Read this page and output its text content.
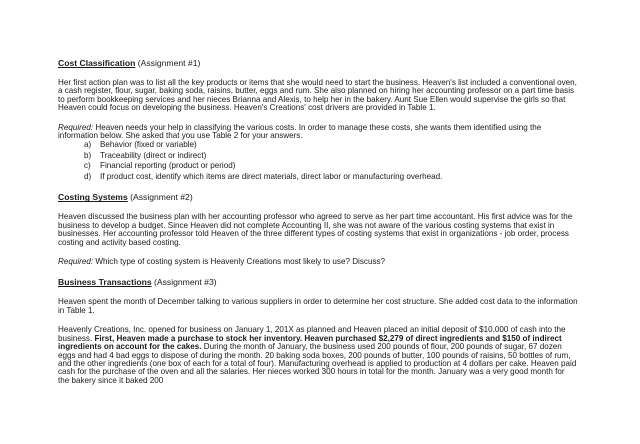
Cost Classification (Assignment #1)

Her first action plan was to list all the key products or items that she would need to start the business. Heaven's list included a conventional oven, a cash register, flour, sugar, baking soda, raisins, butter, eggs and rum. She also planned on hiring her accounting professor on a part time basis to perform bookkeeping services and her nieces Brianna and Alexis, to help her in the bakery. Aunt Sue Ellen would supervise the girls so that Heaven could focus on developing the business. Heaven's Creations' cost drivers are provided in Table 1.

Required: Heaven needs your help in classifying the various costs. In order to manage these costs, she wants them identified using the information below. She asked that you use Table 2 for your answers.

a) Behavior (fixed or variable)
b) Traceability (direct or indirect)
c) Financial reporting (product or period)
d) If product cost, identify which items are direct materials, direct labor or manufacturing overhead.

Costing Systems (Assignment #2)

Heaven discussed the business plan with her accounting professor who agreed to serve as her part time accountant. His first advice was for the business to develop a budget. Since Heaven did not complete Accounting II, she was not aware of the various costing systems that exist in businesses. Her accounting professor told Heaven of the three different types of costing systems that exist in organizations - job order, process costing and activity based costing.

Required: Which type of costing system is Heavenly Creations most likely to use? Discuss?

Business Transactions (Assignment #3)

Heaven spent the month of December talking to various suppliers in order to determine her cost structure. She added cost data to the information in Table 1.

Heavenly Creations, Inc. opened for business on January 1, 201X as planned and Heaven placed an initial deposit of $10,000 of cash into the business. First, Heaven made a purchase to stock her inventory. Heaven purchased $2,279 of direct ingredients and $150 of indirect ingredients on account for the cakes. During the month of January, the business used 200 pounds of flour, 200 pounds of sugar, 67 dozen eggs and had 4 bad eggs to dispose of during the month. 20 baking soda boxes, 200 pounds of butter, 100 pounds of raisins, 50 bottles of rum, and the other ingredients (one box of each for a total of four). Manufacturing overhead is applied to production at 4 dollars per cake. Heaven paid cash for the purchase of the oven and all the salaries. Her nieces worked 300 hours in total for the month. January was a very good month for the bakery since it baked 200
